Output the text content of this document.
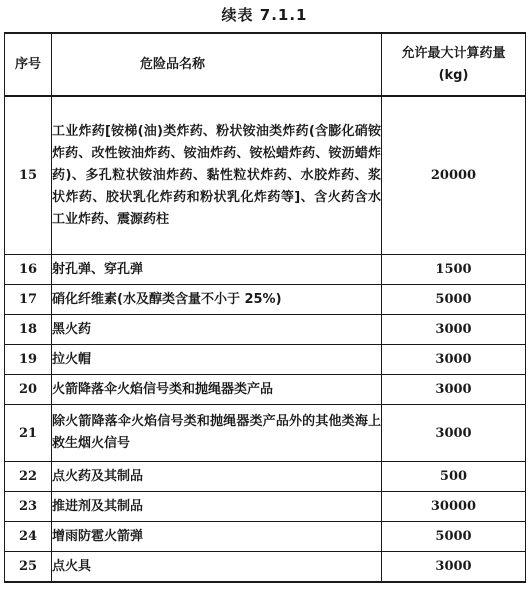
续表 7.1.1
序号	危险品名称	允许最大计算药量
(kg)

15	工业炸药[铵梯(油)类炸药、粉状铵油类炸药(含膨化硝铵炸药、改性铵油炸药、铵油炸药、铵松蜡炸药、铵沥蜡炸药)、多孔粒状铵油炸药、黏性粒状炸药、水胶炸药、浆状炸药、胶状乳化炸药和粉状乳化炸药等]、含火药含水工业炸药、震源药柱	20000
16	射孔弹、穿孔弹	1500
17	硝化纤维素(水及醇类含量不小于 25%)	5000
18	黑火药	3000
19	拉火帽	3000
20	火箭降落伞火焰信号类和抛绳器类产品	3000
21	除火箭降落伞火焰信号类和抛绳器类产品外的其他类海上救生烟火信号	3000
22	点火药及其制品	500
23	推进剂及其制品	30000
24	增雨防雹火箭弹	5000
25	点火具	3000
